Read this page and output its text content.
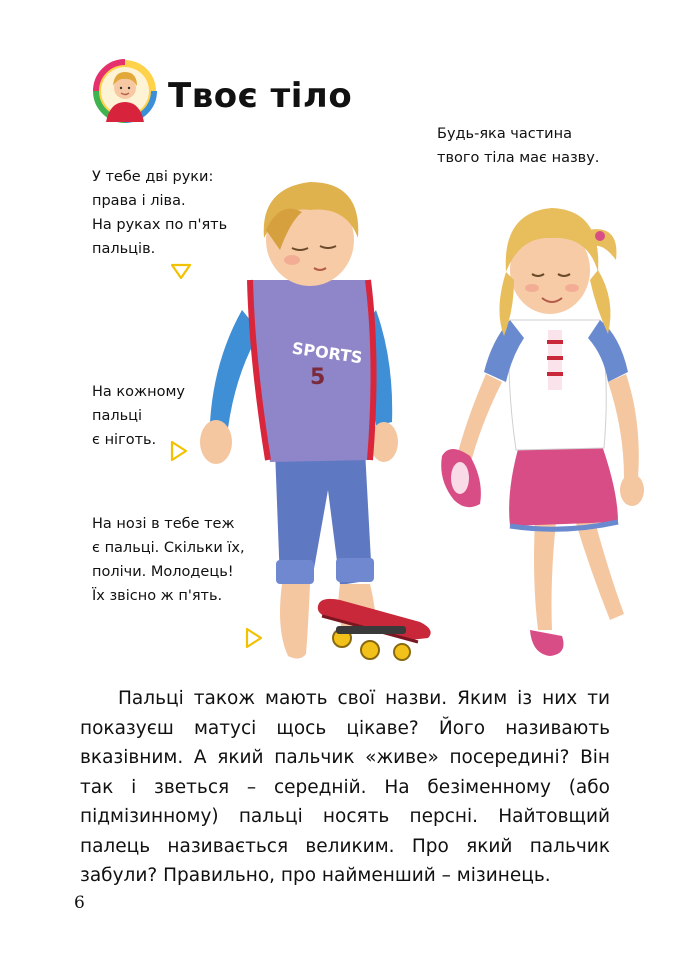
Твоє тіло
У тебе дві руки:
права і ліва.
На руках по п'ять
пальців.
Будь-яка частина
твого тіла має назву.
На кожному
пальці
є ніготь.
На нозі в тебе теж
є пальці. Скільки їх,
полічи. Молодець!
Їх звісно ж п'ять.
SPORTS
5

Пальці також мають свої назви. Яким із них ти показуєш матусі щось цікаве? Його називають вказівним. А який пальчик «живе» посередині? Він так і зветься – середній. На безіменному (або підмізинному) пальці носять персні. Найтовщий палець називається великим. Про який пальчик забули? Правильно, про найменший – мізинець.

6
